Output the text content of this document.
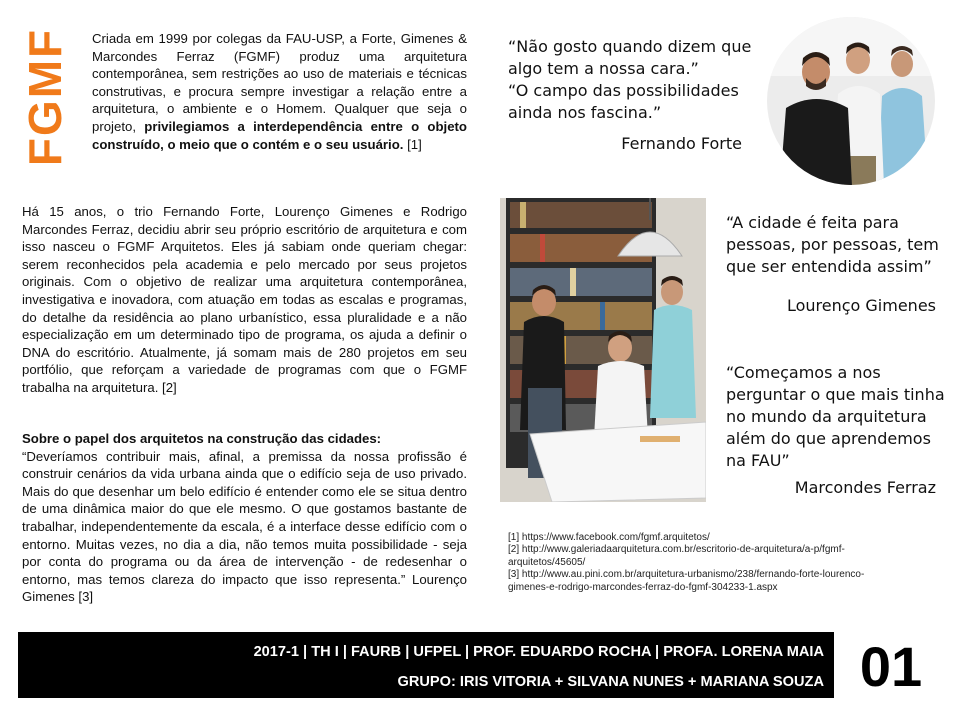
FGMF Criada em 1999 por colegas da FAU-USP, a Forte, Gimenes & Marcondes Ferraz (FGMF) produz uma arquitetura contemporânea, sem restrições ao uso de materiais e técnicas construtivas, e procura sempre investigar a relação entre a arquitetura, o ambiente e o Homem. Qualquer que seja o projeto, privilegiamos a interdependência entre o objeto construído, o meio que o contém e o seu usuário. [1]
Há 15 anos, o trio Fernando Forte, Lourenço Gimenes e Rodrigo Marcondes Ferraz, decidiu abrir seu próprio escritório de arquitetura e com isso nasceu o FGMF Arquitetos. Eles já sabiam onde queriam chegar: serem reconhecidos pela academia e pelo mercado por seus projetos originais. Com o objetivo de realizar uma arquitetura contemporânea, investigativa e inovadora, com atuação em todas as escalas e programas, do detalhe da residência ao plano urbanístico, essa pluralidade e a não especialização em um determinado tipo de programa, os ajuda a definir o DNA do escritório. Atualmente, já somam mais de 280 projetos em seu portfólio, que reforçam a variedade de programas com que o FGMF trabalha na arquitetura. [2]
Sobre o papel dos arquitetos na construção das cidades:
“Deveríamos contribuir mais, afinal, a premissa da nossa profissão é construir cenários da vida urbana ainda que o edifício seja de uso privado. Mais do que desenhar um belo edifício é entender como ele se situa dentro de uma dinâmica maior do que ele mesmo. O que gostamos bastante de trabalhar, independentemente da escala, é a interface desse edifício com o entorno. Muitas vezes, no dia a dia, não temos muita possibilidade - seja por conta do programa ou da área de intervenção - de redesenhar o entorno, mas temos clareza do impacto que isso representa.” Lourenço Gimenes [3]
“Não gosto quando dizem que
algo tem a nossa cara.”
“O campo das possibilidades
ainda nos fascina.”
Fernando Forte
“A cidade é feita para
pessoas, por pessoas, tem
que ser entendida assim”
Lourenço Gimenes
“Começamos a nos
perguntar o que mais tinha
no mundo da arquitetura
além do que aprendemos
na FAU”
Marcondes Ferraz
[1] https://www.facebook.com/fgmf.arquitetos/
[2] http://www.galeriadaarquitetura.com.br/escritorio-de-arquitetura/a-p/fgmf-
arquitetos/45605/
[3] http://www.au.pini.com.br/arquitetura-urbanismo/238/fernando-forte-lourenco-
gimenes-e-rodrigo-marcondes-ferraz-do-fgmf-304233-1.aspx
2017-1 | TH I | FAURB | UFPEL | PROF. EDUARDO ROCHA | PROFA. LORENA MAIA
GRUPO: IRIS VITORIA + SILVANA NUNES + MARIANA SOUZA 01
